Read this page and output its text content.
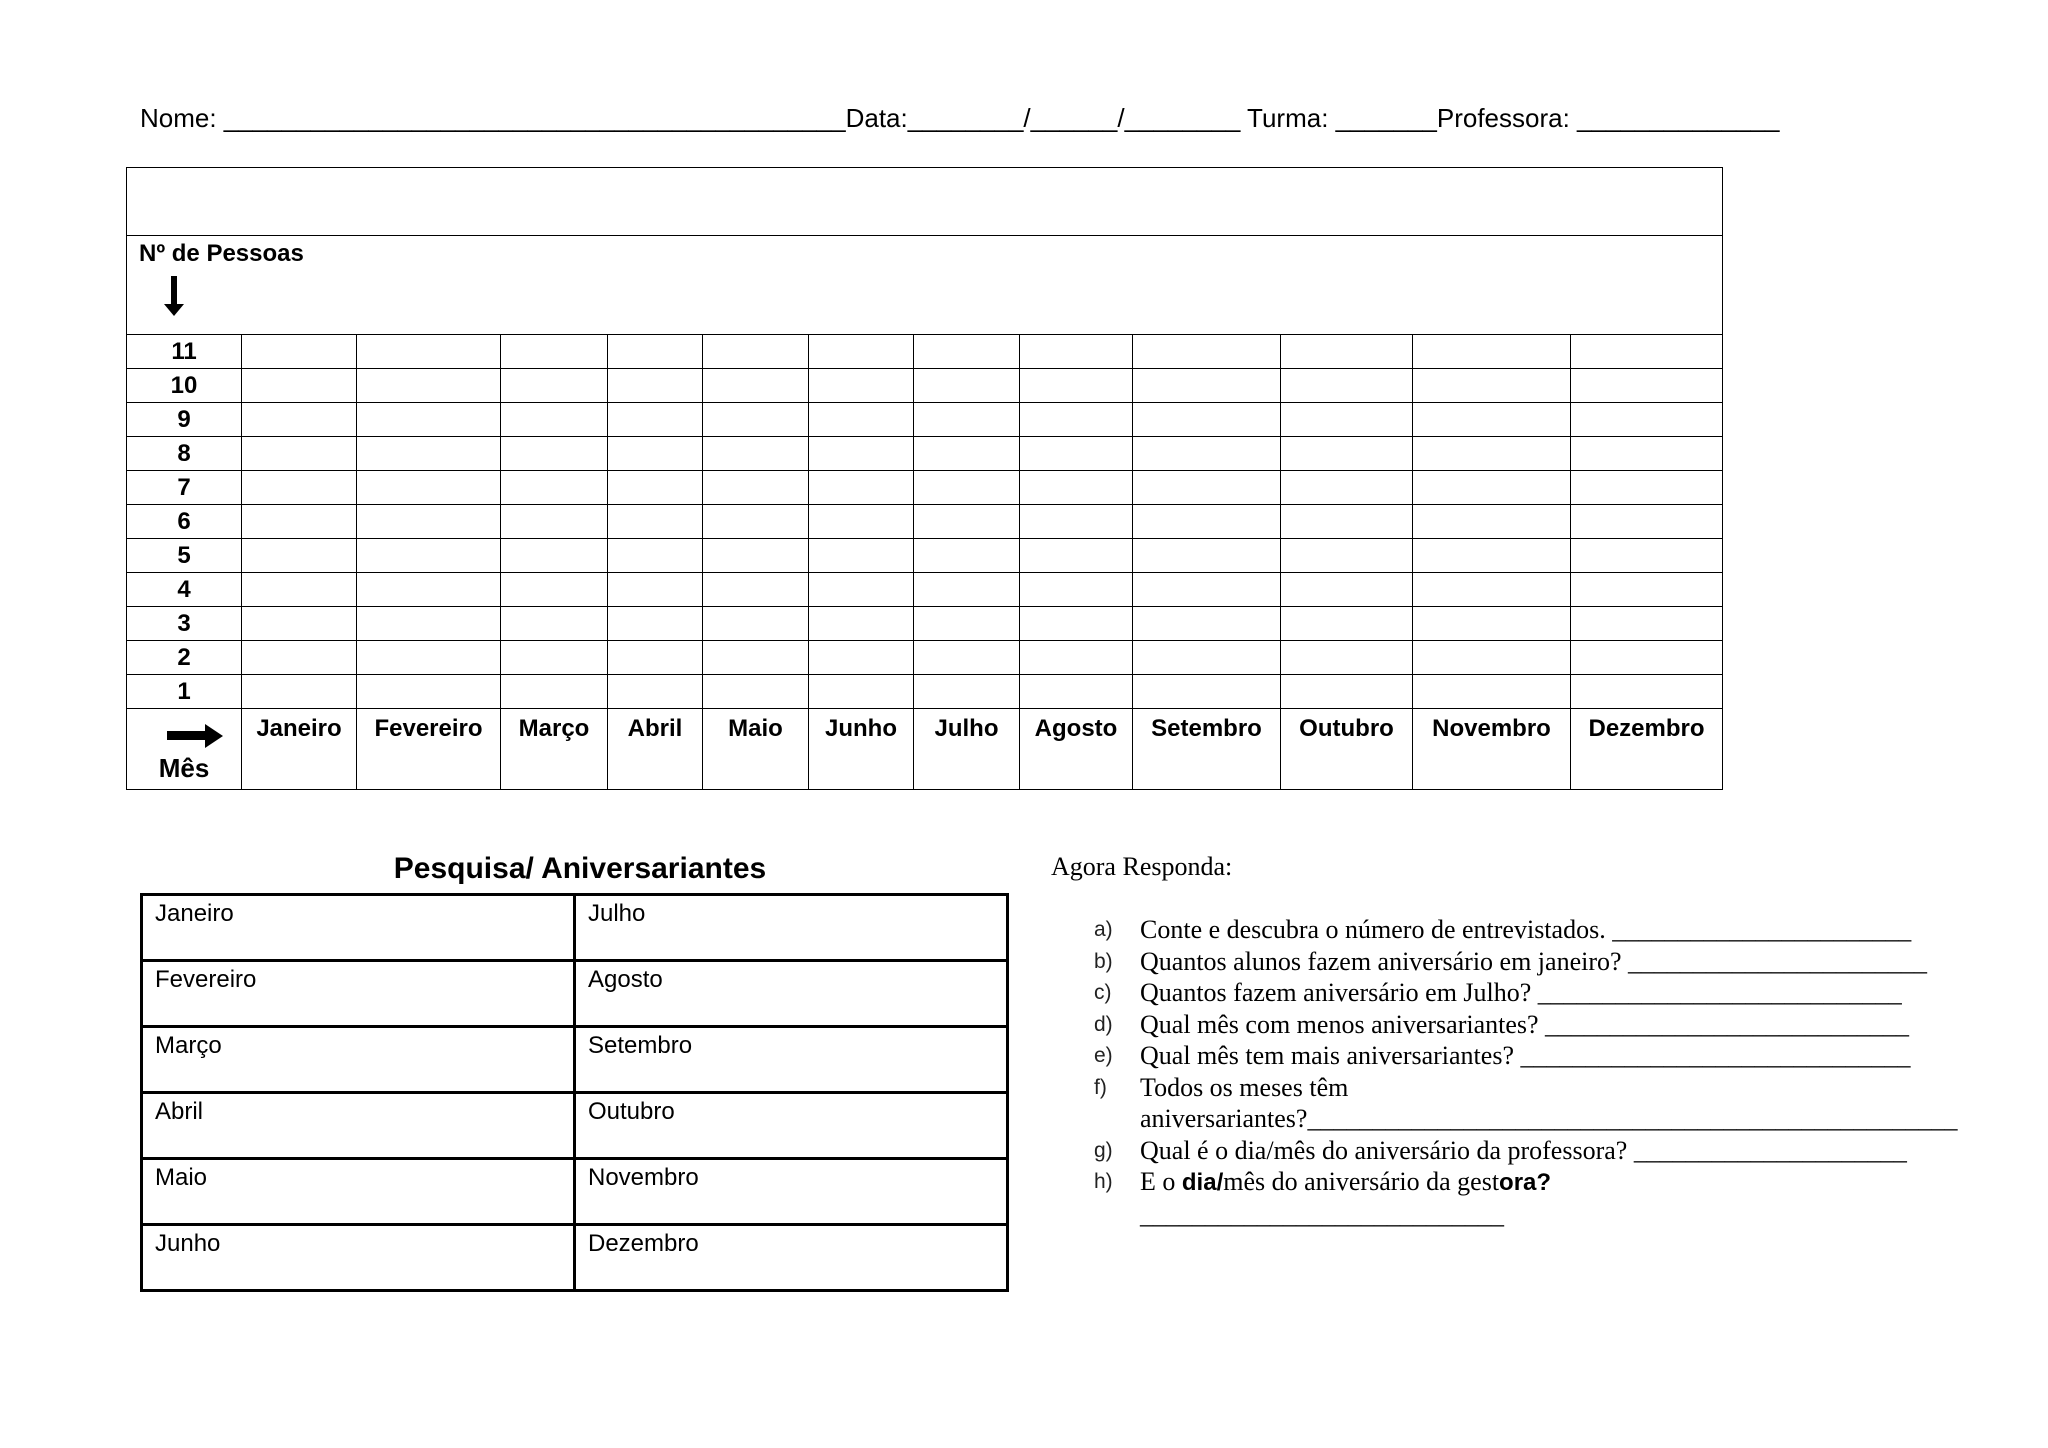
Nome: ___________________________________________Data:________/______/________ Turma: _______Professora: ______________

Nº de Pessoas												

11												
10												
9												
8												
7												
6												
5												
4												
3												
2												
1												

Mês	Janeiro	Fevereiro	Março	Abril	Maio	Junho	Julho	Agosto	Setembro	Outubro	Novembro	Dezembro
Pesquisa/ Aniversariantes
Janeiro	Julho
Fevereiro	Agosto
Março	Setembro
Abril	Outubro
Maio	Novembro
Junho	Dezembro
Agora Responda:
a) Conte e descubra o número de entrevistados. _______________________
b) Quantos alunos fazem aniversário em janeiro? _______________________
c) Quantos fazem aniversário em Julho? ____________________________
d) Qual mês com menos aniversariantes? ____________________________
e) Qual mês tem mais aniversariantes? ______________________________
f) Todos os meses têm
aniversariantes?__________________________________________________
g) Qual é o dia/mês do aniversário da professora? _____________________
h) E o dia/mês do aniversário da gestora?
____________________________
